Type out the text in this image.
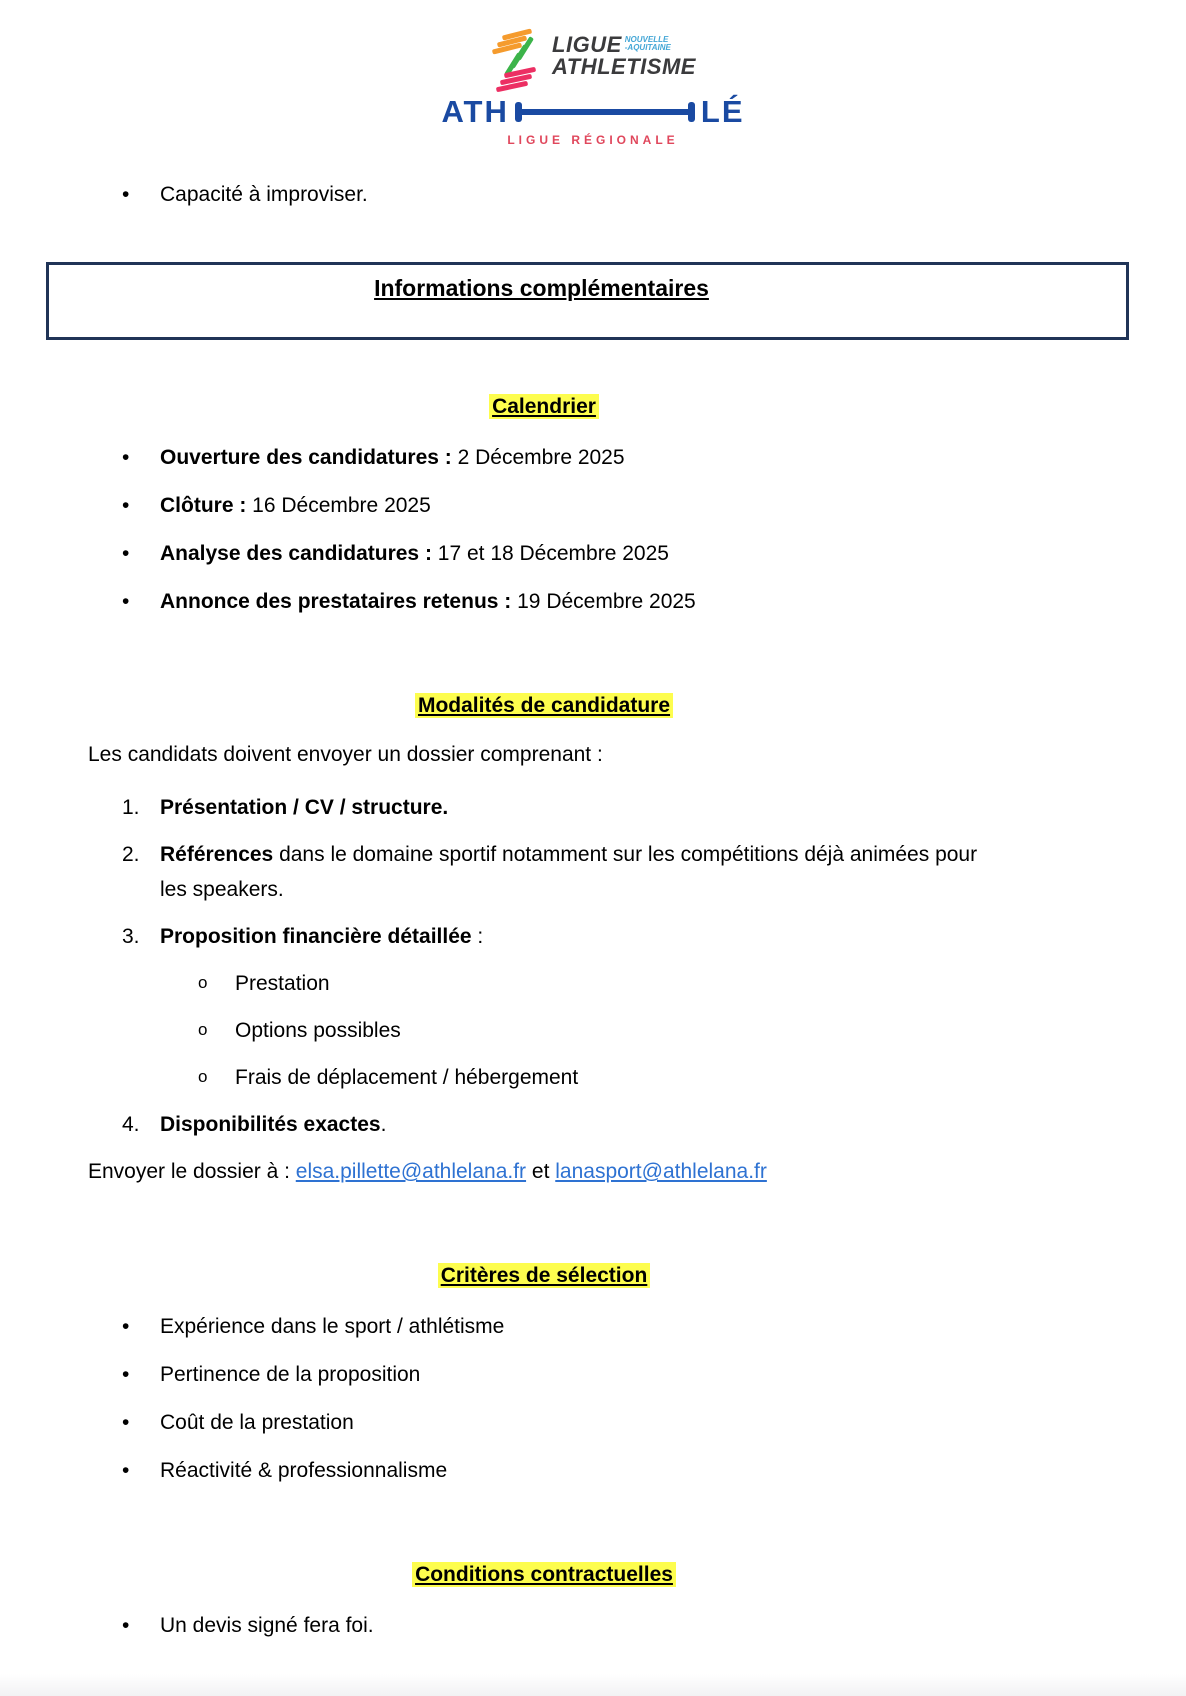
LIGUE NOUVELLE
-AQUITAINE
ATHLETISME
ATH	LÉ
LIGUE RÉGIONALE
• Capacité à improviser.
Informations complémentaires
Calendrier
• Ouverture des candidatures : 2 Décembre 2025
• Clôture : 16 Décembre 2025
• Analyse des candidatures : 17 et 18 Décembre 2025
• Annonce des prestataires retenus : 19 Décembre 2025
Modalités de candidature

Les candidats doivent envoyer un dossier comprenant :

1. Présentation / CV / structure.
2. Références dans le domaine sportif notamment sur les compétitions déjà animées pour les speakers.
3. Proposition financière détaillée :
o Prestation
o Options possibles
o Frais de déplacement / hébergement
4. Disponibilités exactes.

Envoyer le dossier à : elsa.pillette@athlelana.fr et lanasport@athlelana.fr

Critères de sélection
• Expérience dans le sport / athlétisme
• Pertinence de la proposition
• Coût de la prestation
• Réactivité & professionnalisme
Conditions contractuelles
• Un devis signé fera foi.
